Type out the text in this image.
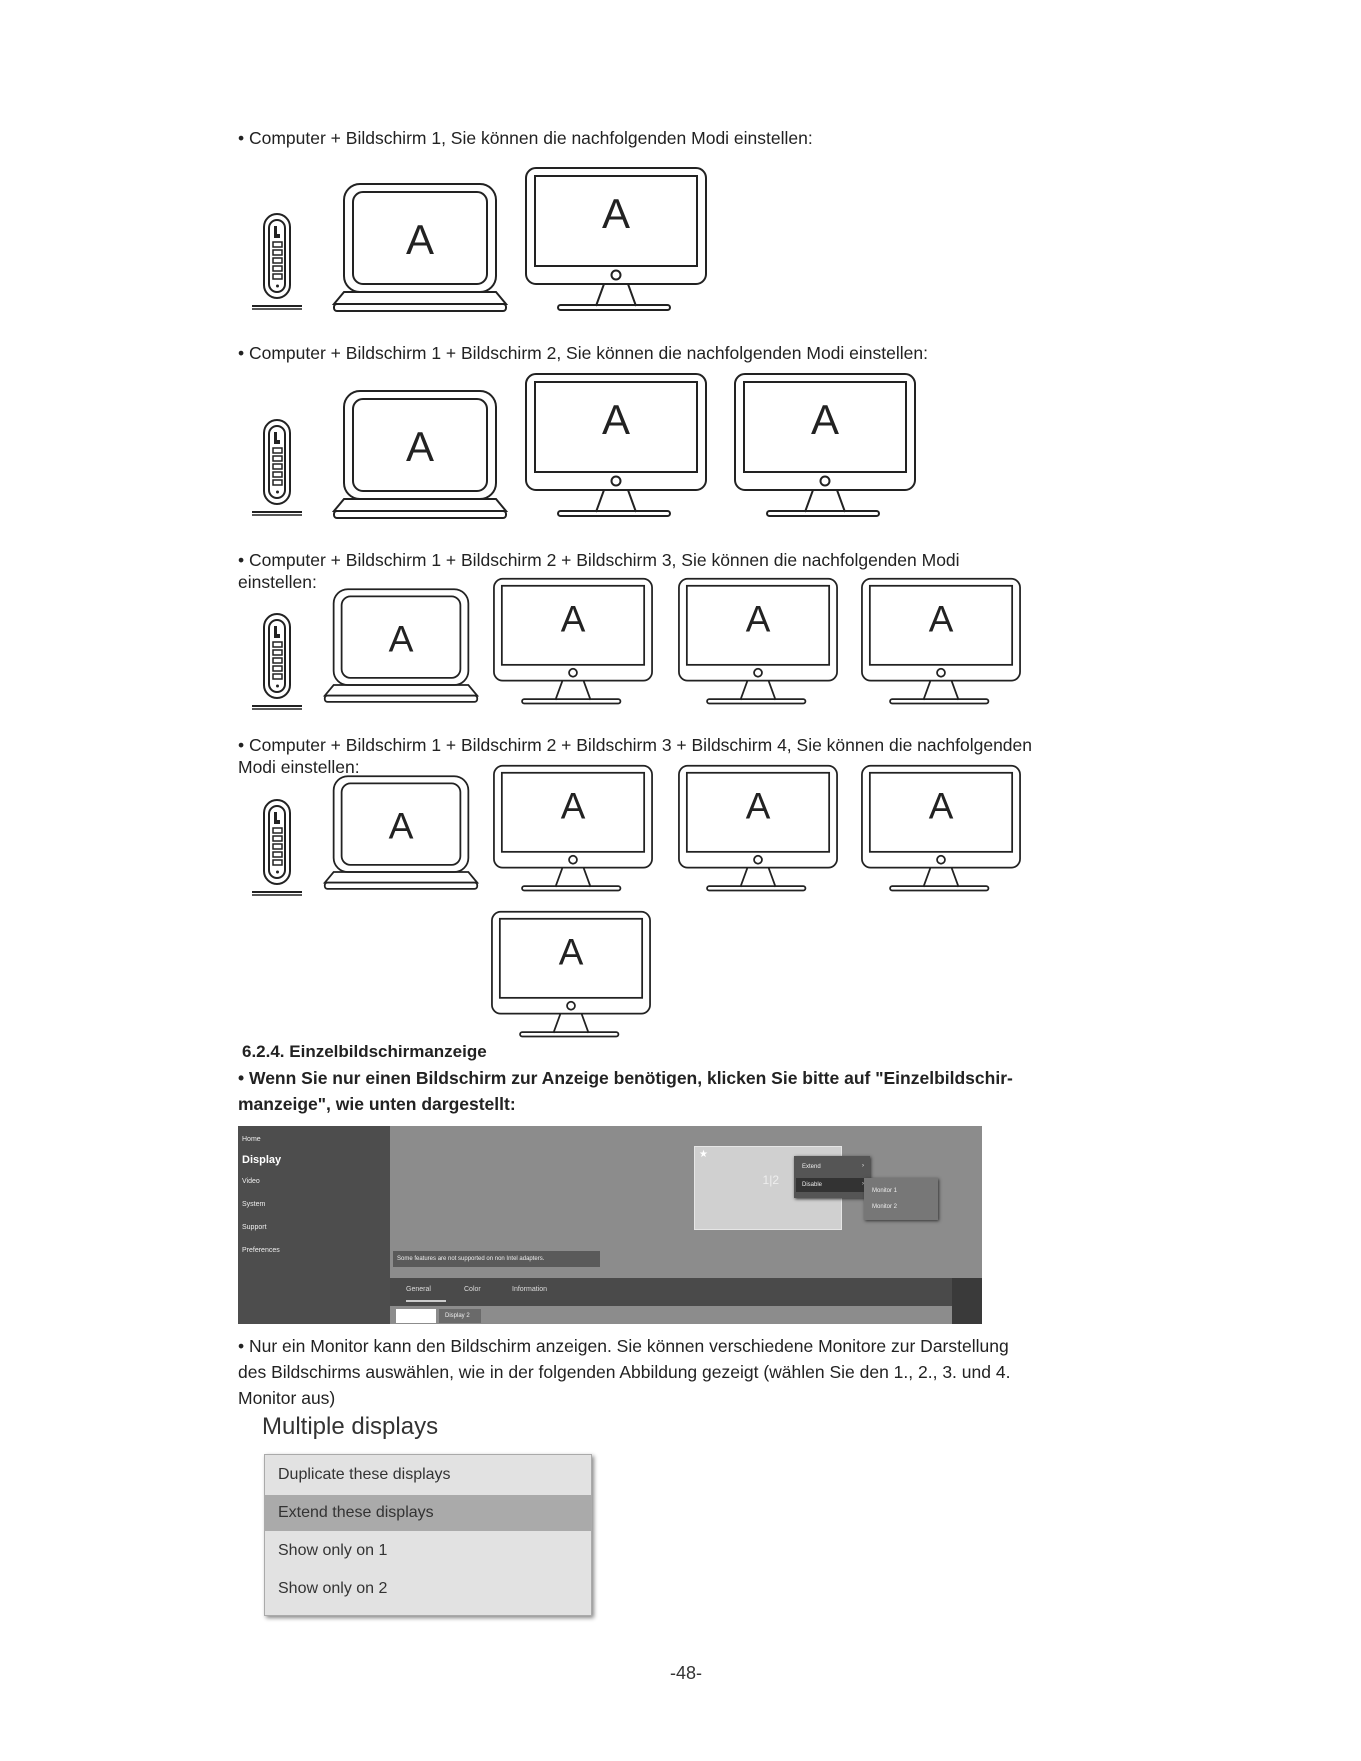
• Computer + Bildschirm 1, Sie können die nachfolgenden Modi einstellen:
A
A
• Computer + Bildschirm 1 + Bildschirm 2, Sie können die nachfolgenden Modi einstellen:
A
A	A
• Computer + Bildschirm 1 + Bildschirm 2 + Bildschirm 3, Sie können die nachfolgenden Modi
einstellen:
A	A	A	A
• Computer + Bildschirm 1 + Bildschirm 2 + Bildschirm 3 + Bildschirm 4, Sie können die nachfolgenden
Modi einstellen:
A	A	A	A
A
6.2.4. Einzelbildschirmanzeige
• Wenn Sie nur einen Bildschirm zur Anzeige benötigen, klicken Sie bitte auf "Einzelbildschir-
manzeige", wie unten dargestellt:
Home
Display
Video
System
Support
Preferences
★
1|2
Extend	›
Disable	›
Monitor 1
Monitor 2
Some features are not supported on non Intel adapters.
General	Color	Information
Display 2
• Nur ein Monitor kann den Bildschirm anzeigen. Sie können verschiedene Monitore zur Darstellung
des Bildschirms auswählen, wie in der folgenden Abbildung gezeigt (wählen Sie den 1., 2., 3. und 4.
Monitor aus)
Multiple displays
Duplicate these displays
Extend these displays
Show only on 1
Show only on 2
-48-
